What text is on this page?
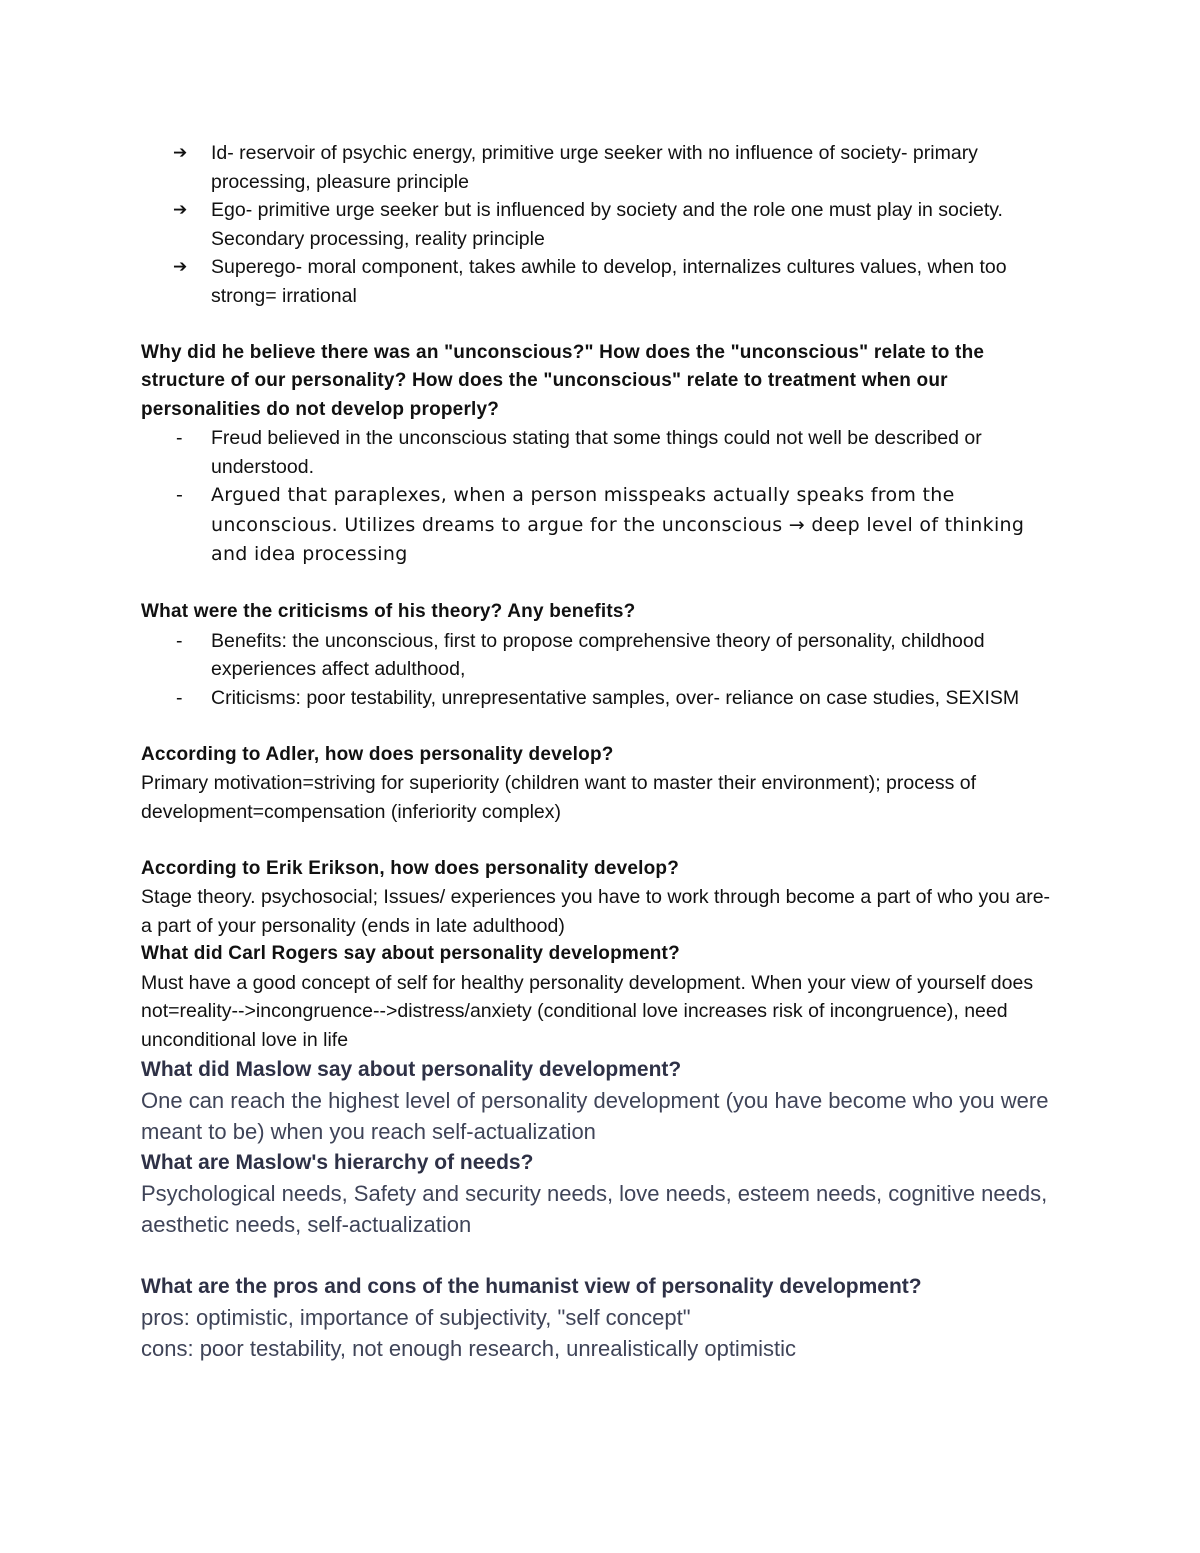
➔ Id- reservoir of psychic energy, primitive urge seeker with no influence of society- primary processing, pleasure principle
➔ Ego- primitive urge seeker but is influenced by society and the role one must play in society. Secondary processing, reality principle
➔ Superego- moral component, takes awhile to develop, internalizes cultures values, when too strong= irrational

Why did he believe there was an "unconscious?" How does the "unconscious" relate to the structure of our personality? How does the "unconscious" relate to treatment when our personalities do not develop properly?

- Freud believed in the unconscious stating that some things could not well be described or understood.
- Argued that paraplexes, when a person misspeaks actually speaks from the unconscious. Utilizes dreams to argue for the unconscious → deep level of thinking and idea processing

What were the criticisms of his theory? Any benefits?

- Benefits: the unconscious, first to propose comprehensive theory of personality, childhood experiences affect adulthood,
- Criticisms: poor testability, unrepresentative samples, over- reliance on case studies, SEXISM

According to Adler, how does personality develop?

Primary motivation=striving for superiority (children want to master their environment); process of development=compensation (inferiority complex)

According to Erik Erikson, how does personality develop?

Stage theory. psychosocial; Issues/ experiences you have to work through become a part of who you are- a part of your personality (ends in late adulthood)

What did Carl Rogers say about personality development?

Must have a good concept of self for healthy personality development. When your view of yourself does not=reality-->incongruence-->distress/anxiety (conditional love increases risk of incongruence), need unconditional love in life

What did Maslow say about personality development?

One can reach the highest level of personality development (you have become who you were meant to be) when you reach self-actualization

What are Maslow's hierarchy of needs?

Psychological needs, Safety and security needs, love needs, esteem needs, cognitive needs, aesthetic needs, self-actualization

What are the pros and cons of the humanist view of personality development?

pros: optimistic, importance of subjectivity, "self concept"

cons: poor testability, not enough research, unrealistically optimistic
